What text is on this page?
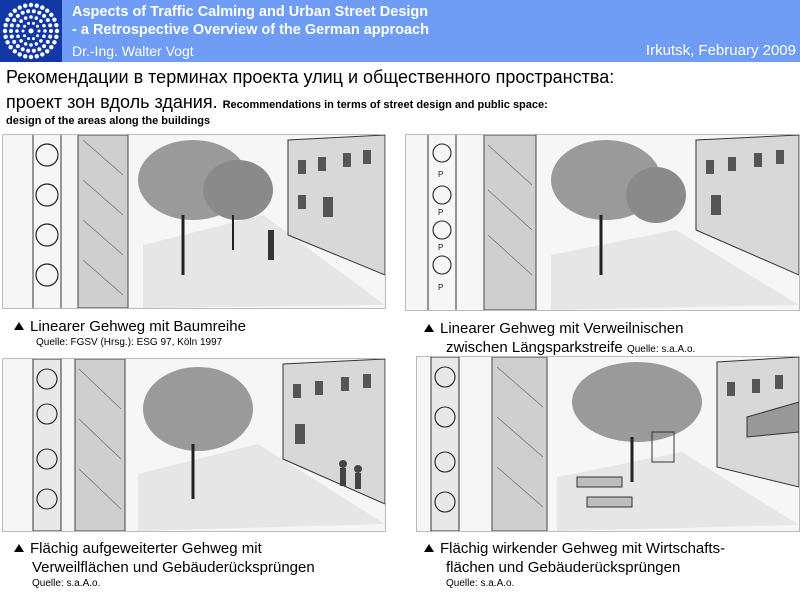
Aspects of Traffic Calming and Urban Street Design
- a Retrospective Overview of the German approach
Dr.-Ing. Walter Vogt	Irkutsk, February 2009
Рекомендации в терминах проекта улиц и общественного пространства:
проект зон вдоль здания. Recommendations in terms of street design and public space:
design of the areas along the buildings
Linearer Gehweg mit Baumreihe
Quelle: FGSV (Hrsg.): ESG 97, Köln 1997
P
P
P
P
Linearer Gehweg mit Verweilnischen
zwischen Längsparkstreife Quelle: s.a.A.o.
Flächig aufgeweiterter Gehweg mit
Verweilflächen und Gebäuderücksprüngen
Quelle: s.a.A.o.
Flächig wirkender Gehweg mit Wirtschafts-
flächen und Gebäuderücksprüngen
Quelle: s.a.A.o.
